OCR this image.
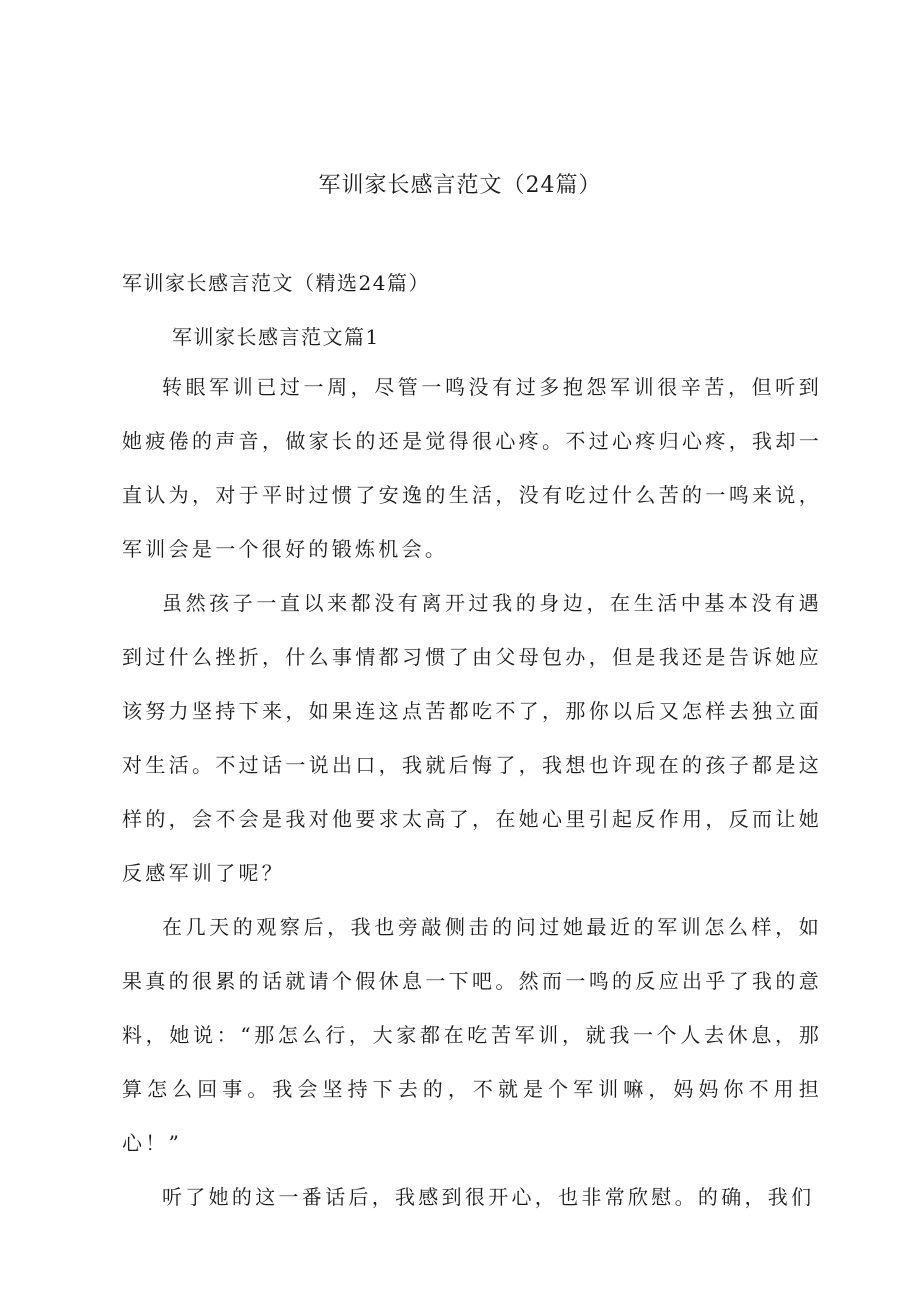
军训家长感言范文（24篇）

军训家长感言范文（精选24篇）

军训家长感言范文篇1

转眼军训已过一周，尽管一鸣没有过多抱怨军训很辛苦，但听到她疲倦的声音，做家长的还是觉得很心疼。不过心疼归心疼，我却一直认为，对于平时过惯了安逸的生活，没有吃过什么苦的一鸣来说，军训会是一个很好的锻炼机会。

虽然孩子一直以来都没有离开过我的身边，在生活中基本没有遇到过什么挫折，什么事情都习惯了由父母包办，但是我还是告诉她应该努力坚持下来，如果连这点苦都吃不了，那你以后又怎样去独立面对生活。不过话一说出口，我就后悔了，我想也许现在的孩子都是这样的，会不会是我对他要求太高了，在她心里引起反作用，反而让她反感军训了呢？

在几天的观察后，我也旁敲侧击的问过她最近的军训怎么样，如果真的很累的话就请个假休息一下吧。然而一鸣的反应出乎了我的意料，她说：“那怎么行，大家都在吃苦军训，就我一个人去休息，那算怎么回事。我会坚持下去的，不就是个军训嘛，妈妈你不用担心！”

听了她的这一番话后，我感到很开心，也非常欣慰。的确，我们
